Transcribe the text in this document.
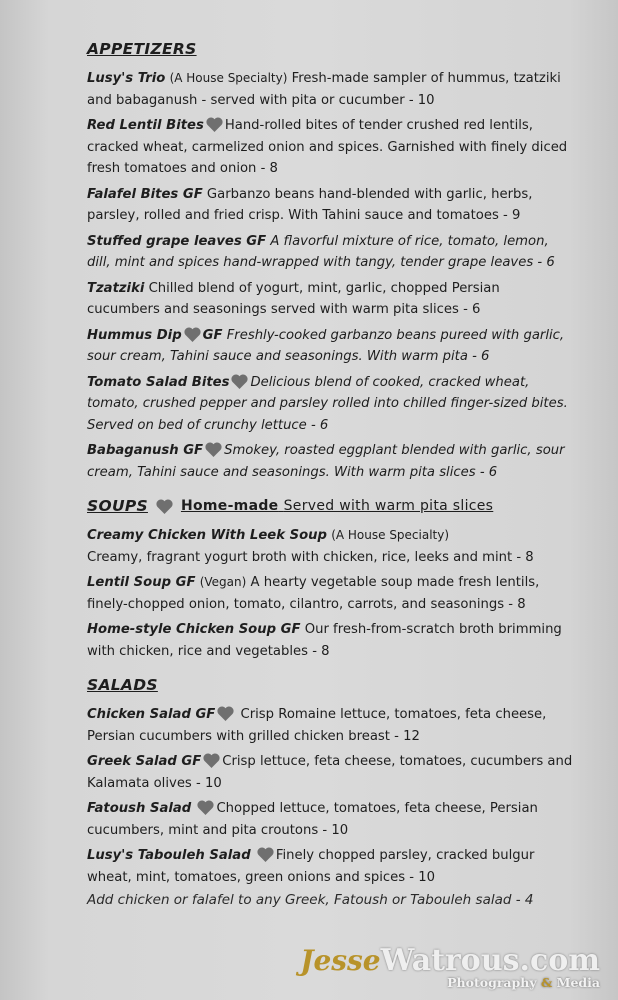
APPETIZERS
Lusy's Trio (A House Specialty) Fresh-made sampler of hummus, tzatziki and babaganush - served with pita or cucumber - 10
Red Lentil Bites Hand-rolled bites of tender crushed red lentils, cracked wheat, carmelized onion and spices. Garnished with finely diced fresh tomatoes and onion - 8
Falafel Bites GF Garbanzo beans hand-blended with garlic, herbs, parsley, rolled and fried crisp. With Tahini sauce and tomatoes - 9
Stuffed grape leaves GF A flavorful mixture of rice, tomato, lemon, dill, mint and spices hand-wrapped with tangy, tender grape leaves - 6
Tzatziki Chilled blend of yogurt, mint, garlic, chopped Persian cucumbers and seasonings served with warm pita slices - 6
Hummus Dip GF Freshly-cooked garbanzo beans pureed with garlic, sour cream, Tahini sauce and seasonings. With warm pita - 6
Tomato Salad Bites Delicious blend of cooked, cracked wheat, tomato, crushed pepper and parsley rolled into chilled finger-sized bites. Served on bed of crunchy lettuce - 6
Babaganush GF Smokey, roasted eggplant blended with garlic, sour cream, Tahini sauce and seasonings. With warm pita slices - 6
SOUPS Home-made Served with warm pita slices
Creamy Chicken With Leek Soup (A House Specialty)
Creamy, fragrant yogurt broth with chicken, rice, leeks and mint - 8
Lentil Soup GF (Vegan) A hearty vegetable soup made fresh lentils, finely-chopped onion, tomato, cilantro, carrots, and seasonings - 8
Home-style Chicken Soup GF Our fresh-from-scratch broth brimming with chicken, rice and vegetables - 8
SALADS
Chicken Salad GF Crisp Romaine lettuce, tomatoes, feta cheese, Persian cucumbers with grilled chicken breast - 12
Greek Salad GF Crisp lettuce, feta cheese, tomatoes, cucumbers and Kalamata olives - 10
Fatoush Salad Chopped lettuce, tomatoes, feta cheese, Persian cucumbers, mint and pita croutons - 10
Lusy's Tabouleh Salad Finely chopped parsley, cracked bulgur wheat, mint, tomatoes, green onions and spices - 10
Add chicken or falafel to any Greek, Fatoush or Tabouleh salad - 4
Jesse Watrous.com
Photography & Media
